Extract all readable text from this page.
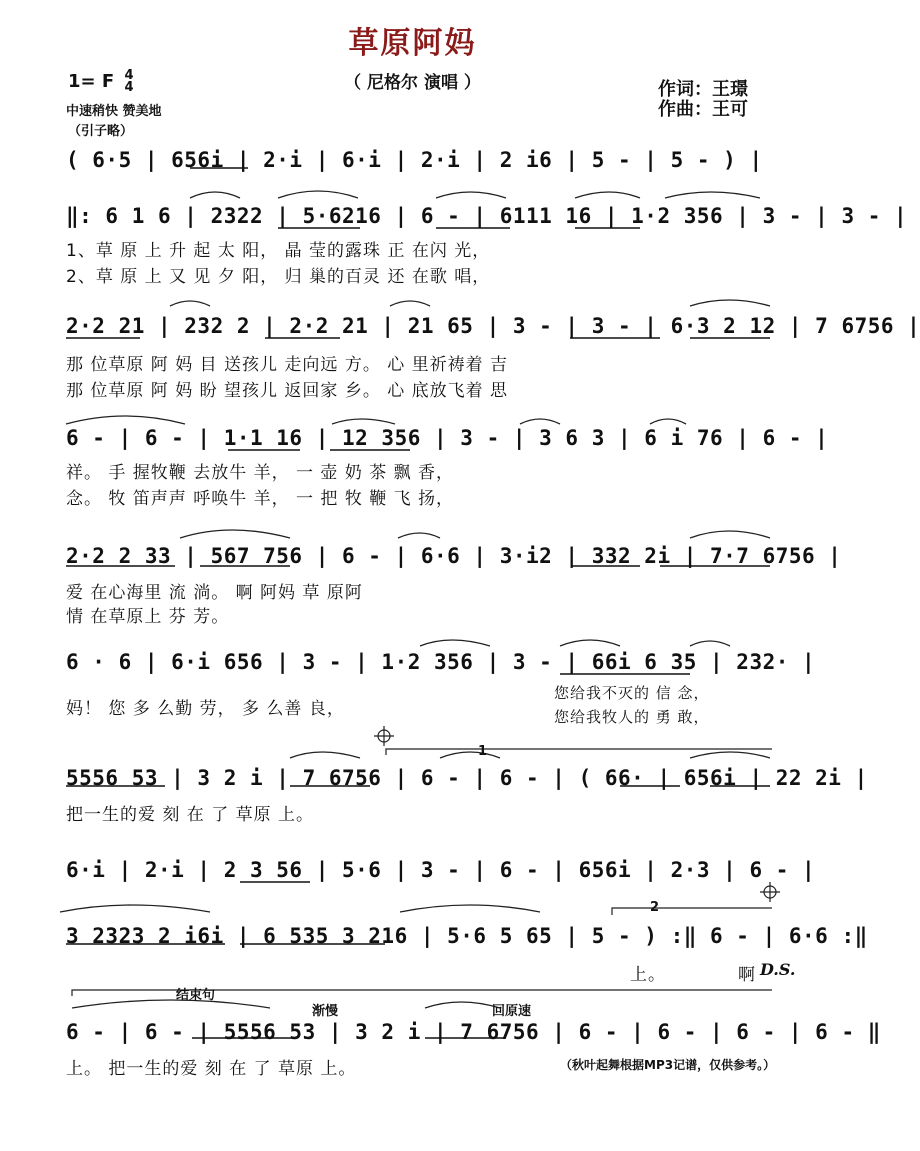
草原阿妈
（ 尼格尔 演唱 ）
1= F 4
4
中速稍快 赞美地
（引子略）
作词：王璟
作曲：王可
( 6·5 | 656i | 2·i | 6·i | 2·i | 2 i6 | 5 - | 5 - ) |
‖: 6 1 6 | 2322 | 5·6216 | 6 - | 6111 16 | 1·2 356 | 3 - | 3 - |
1、草 原 上 升 起 太 阳， 晶 莹的露珠 正 在闪 光，
2、草 原 上 又 见 夕 阳， 归 巢的百灵 还 在歌 唱，
2·2 21 | 232 2 | 2·2 21 | 21 65 | 3 - | 3 - | 6·3 2 12 | 7 6756 |
那 位草原 阿 妈 目 送孩儿 走向远 方。 心 里祈祷着 吉
那 位草原 阿 妈 盼 望孩儿 返回家 乡。 心 底放飞着 思
6 - | 6 - | 1·1 16 | 12 356 | 3 - | 3 6 3 | 6 i 76 | 6 - |
祥。 手 握牧鞭 去放牛 羊， 一 壶 奶 茶 飘 香，
念。 牧 笛声声 呼唤牛 羊， 一 把 牧 鞭 飞 扬，
2·2 2 33 | 567 756 | 6 - | 6·6 | 3·i2 | 332 2i | 7·7 6756 |
爱 在心海里 流 淌。 啊 阿妈 草 原阿
情 在草原上 芬 芳。
6 · 6 | 6·i 656 | 3 - | 1·2 356 | 3 - | 66i 6 35 | 232· |
妈！ 您 多 么勤 劳， 多 么善 良，
您给我不灭的 信 念，
您给我牧人的 勇 敢，
1
5556 53 | 3 2 i | 7 6756 | 6 - | 6 - | ( 66· | 656i | 22 2i |
把一生的爱 刻 在 了 草原 上。
6·i | 2·i | 2 3 56 | 5·6 | 3 - | 6 - | 656i | 2·3 | 6 - |
2
3 2323 2 i6i | 6 535 3 216 | 5·6 5 65 | 5 - ) :‖ 6 - | 6·6 :‖
上。	啊 D.S.
结束句
渐慢	回原速
6 - | 6 - | 5556 53 | 3 2 i | 7 6756 | 6 - | 6 - | 6 - | 6 - ‖
上。 把一生的爱 刻 在 了 草原 上。	（秋叶起舞根据MP3记谱，仅供参考。）
